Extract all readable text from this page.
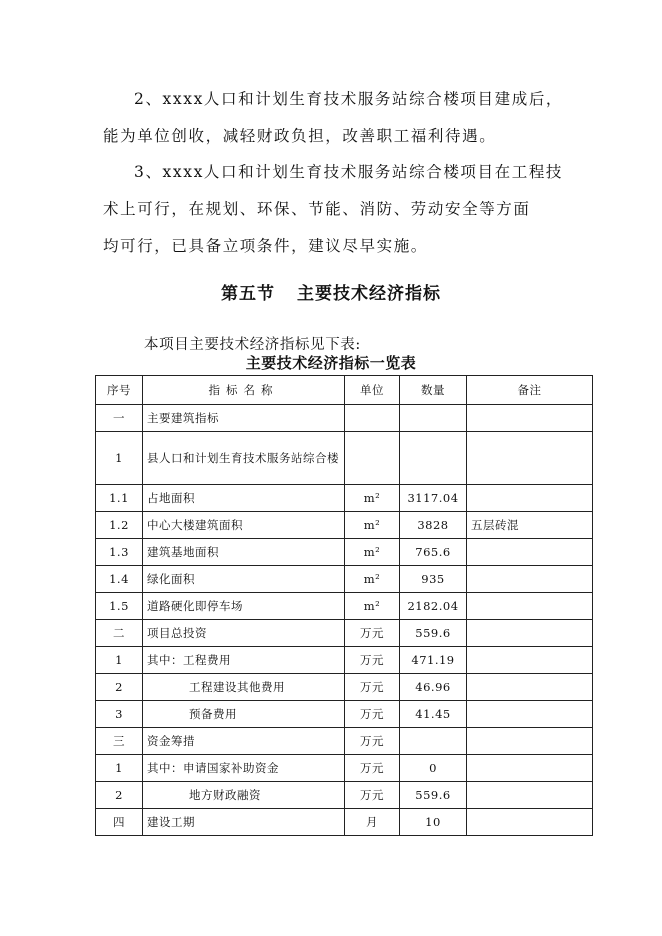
2、xxxx人口和计划生育技术服务站综合楼项目建成后，
能为单位创收，减轻财政负担，改善职工福利待遇。

3、xxxx人口和计划生育技术服务站综合楼项目在工程技
术上可行，在规划、环保、节能、消防、劳动安全等方面
均可行，已具备立项条件，建议尽早实施。

第五节 主要技术经济指标
本项目主要技术经济指标见下表:
主要技术经济指标一览表
序号	指标名称	单位	数量	备注
一	主要建筑指标			
1	县人口和计划生育技术服务站综合楼			
1.1	占地面积	m²	3117.04	
1.2	中心大楼建筑面积	m²	3828	五层砖混
1.3	建筑基地面积	m²	765.6	
1.4	绿化面积	m²	935	
1.5	道路硬化即停车场	m²	2182.04	
二	项目总投资	万元	559.6	
1	其中：工程费用	万元	471.19	
2	工程建设其他费用	万元	46.96	
3	预备费用	万元	41.45	
三	资金筹措	万元		
1	其中：申请国家补助资金	万元	0	
2	地方财政融资	万元	559.6	
四	建设工期	月	10	
